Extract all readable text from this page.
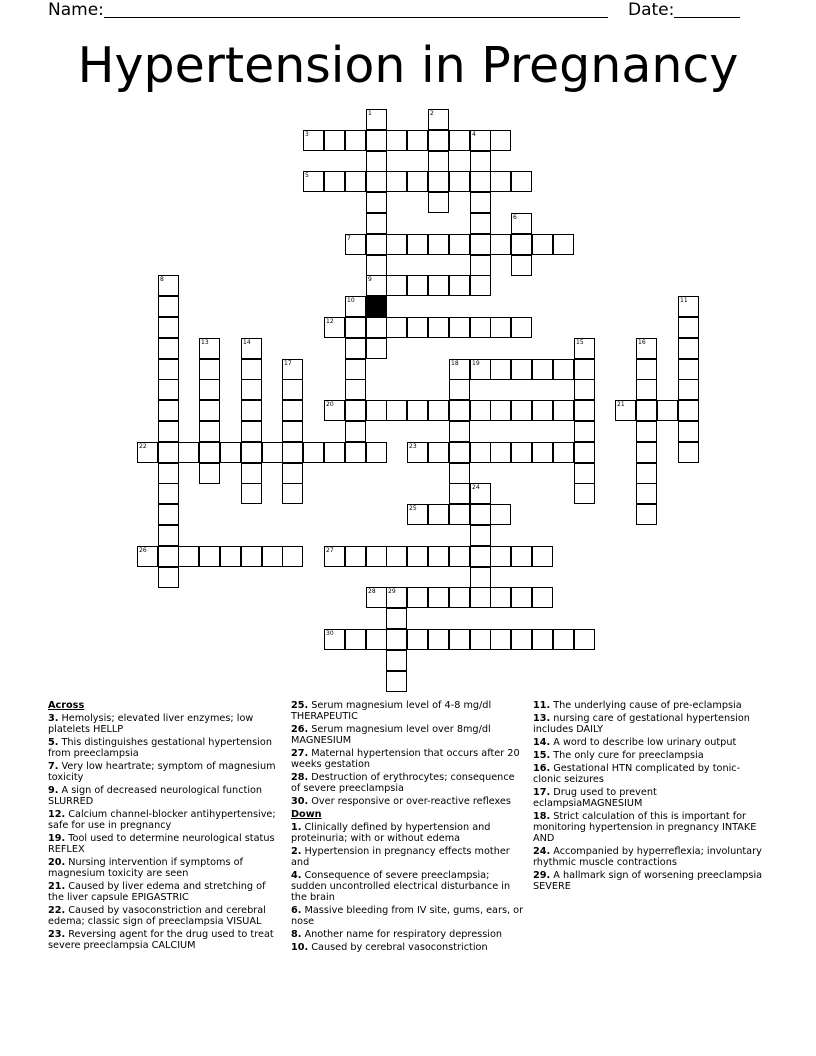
Name:	Date:
Hypertension in Pregnancy
1
9
2
3	4
5
6
7
8
10	11
12
13	14	15	16
17	18 19
20	21
22	23
24
25
26	27
28 29
30
Across
3. Hemolysis; elevated liver enzymes; low platelets HELLP
5. This distinguishes gestational hypertension from preeclampsia
7. Very low heartrate; symptom of magnesium toxicity
9. A sign of decreased neurological function SLURRED
12. Calcium channel-blocker antihypertensive; safe for use in pregnancy
19. Tool used to determine neurological status REFLEX
20. Nursing intervention if symptoms of magnesium toxicity are seen
21. Caused by liver edema and stretching of the liver capsule EPIGASTRIC
22. Caused by vasoconstriction and cerebral edema; classic sign of preeclampsia VISUAL
23. Reversing agent for the drug used to treat severe preeclampsia CALCIUM
25. Serum magnesium level of 4-8 mg/dl THERAPEUTIC
26. Serum magnesium level over 8mg/dl MAGNESIUM
27. Maternal hypertension that occurs after 20 weeks gestation
28. Destruction of erythrocytes; consequence of severe preeclampsia
30. Over responsive or over-reactive reflexes
Down
1. Clinically defined by hypertension and proteinuria; with or without edema
2. Hypertension in pregnancy effects mother and
4. Consequence of severe preeclampsia; sudden uncontrolled electrical disturbance in the brain
6. Massive bleeding from IV site, gums, ears, or nose
8. Another name for respiratory depression
10. Caused by cerebral vasoconstriction
11. The underlying cause of pre-eclampsia
13. nursing care of gestational hypertension includes DAILY
14. A word to describe low urinary output
15. The only cure for preeclampsia
16. Gestational HTN complicated by tonic-clonic seizures
17. Drug used to prevent eclampsiaMAGNESIUM
18. Strict calculation of this is important for monitoring hypertension in pregnancy INTAKE AND
24. Accompanied by hyperreflexia; involuntary rhythmic muscle contractions
29. A hallmark sign of worsening preeclampsia SEVERE
